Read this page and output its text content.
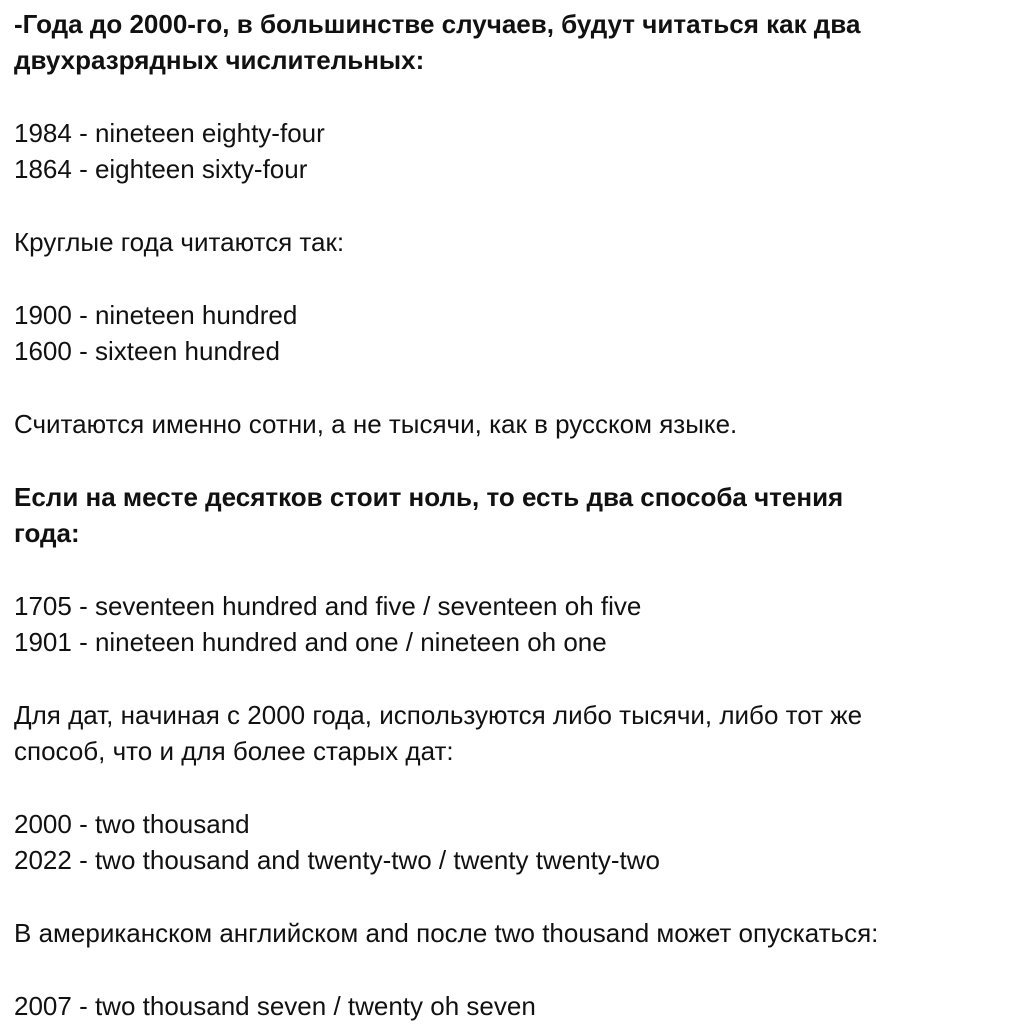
-Года до 2000-го, в большинстве случаев, будут читаться как два
двухразрядных числительных:
1984 - nineteen eighty-four
1864 - eighteen sixty-four
Круглые года читаются так:
1900 - nineteen hundred
1600 - sixteen hundred
Считаются именно сотни, а не тысячи, как в русском языке.
Если на месте десятков стоит ноль, то есть два способа чтения
года:
1705 - seventeen hundred and five / seventeen oh five
1901 - nineteen hundred and one / nineteen oh one
Для дат, начиная с 2000 года, используются либо тысячи, либо тот же
способ, что и для более старых дат:
2000 - two thousand
2022 - two thousand and twenty-two / twenty twenty-two
В американском английском and после two thousand может опускаться:
2007 - two thousand seven / twenty oh seven
